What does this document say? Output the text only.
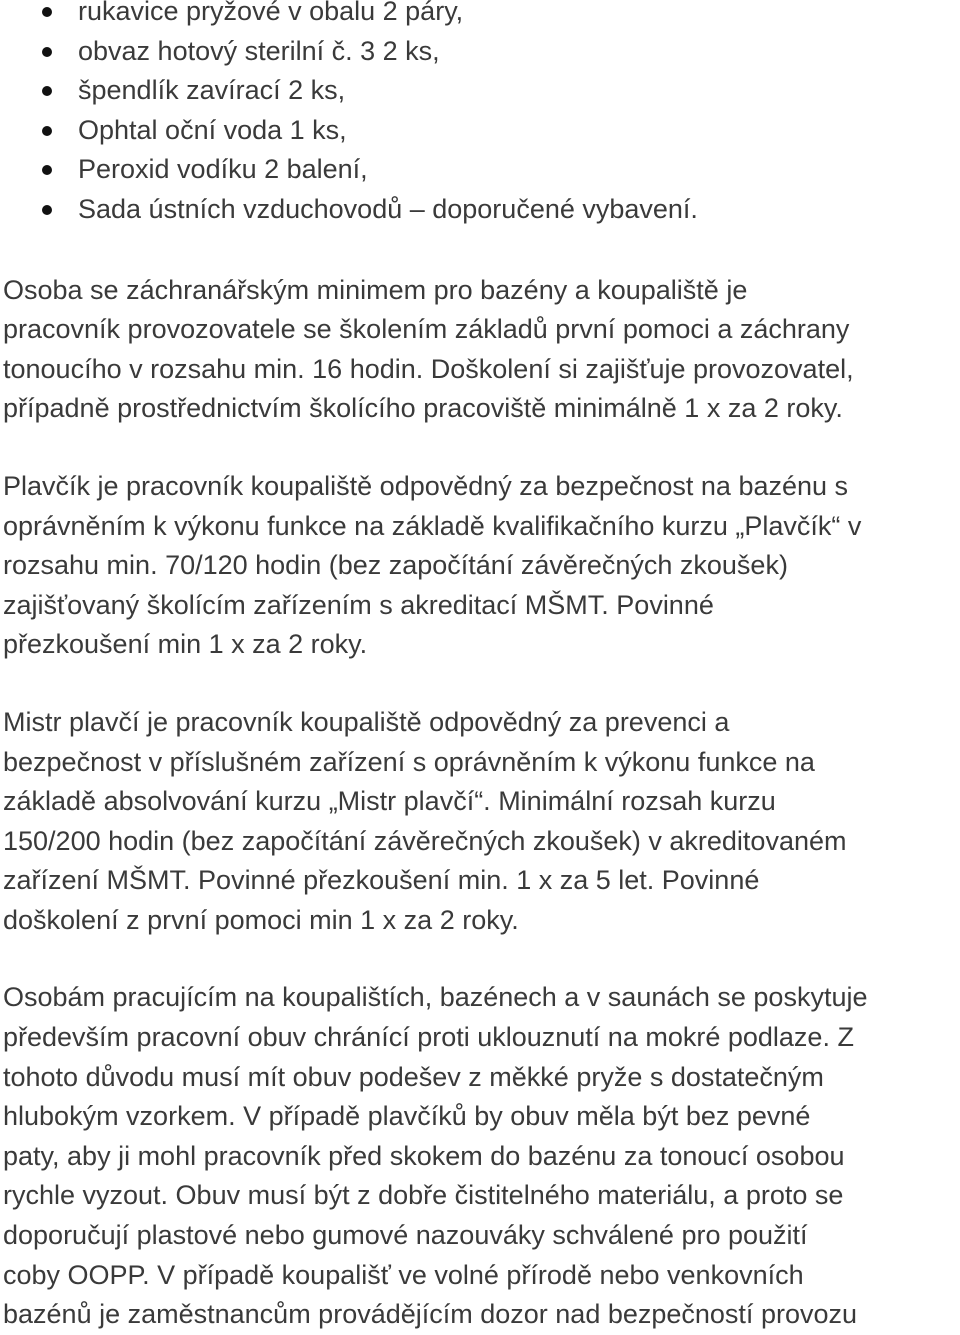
rukavice pryžové v obalu 2 páry,
obvaz hotový sterilní č. 3 2 ks,
špendlík zavírací 2 ks,
Ophtal oční voda 1 ks,
Peroxid vodíku 2 balení,
Sada ústních vzduchovodů – doporučené vybavení.

Osoba se záchranářským minimem pro bazény a koupaliště je
pracovník provozovatele se školením základů první pomoci a záchrany
tonoucího v rozsahu min. 16 hodin. Doškolení si zajišťuje provozovatel,
případně prostřednictvím školícího pracoviště minimálně 1 x za 2 roky.

Plavčík je pracovník koupaliště odpovědný za bezpečnost na bazénu s
oprávněním k výkonu funkce na základě kvalifikačního kurzu „Plavčík“ v
rozsahu min. 70/120 hodin (bez započítání závěrečných zkoušek)
zajišťovaný školícím zařízením s akreditací MŠMT. Povinné
přezkoušení min 1 x za 2 roky.

Mistr plavčí je pracovník koupaliště odpovědný za prevenci a
bezpečnost v příslušném zařízení s oprávněním k výkonu funkce na
základě absolvování kurzu „Mistr plavčí“. Minimální rozsah kurzu
150/200 hodin (bez započítání závěrečných zkoušek) v akreditovaném
zařízení MŠMT. Povinné přezkoušení min. 1 x za 5 let. Povinné
doškolení z první pomoci min 1 x za 2 roky.

Osobám pracujícím na koupalištích, bazénech a v saunách se poskytuje
především pracovní obuv chránící proti uklouznutí na mokré podlaze. Z
tohoto důvodu musí mít obuv podešev z měkké pryže s dostatečným
hlubokým vzorkem. V případě plavčíků by obuv měla být bez pevné
paty, aby ji mohl pracovník před skokem do bazénu za tonoucí osobou
rychle vyzout. Obuv musí být z dobře čistitelného materiálu, a proto se
doporučují plastové nebo gumové nazouváky schválené pro použití
coby OOPP. V případě koupališť ve volné přírodě nebo venkovních
bazénů je zaměstnancům provádějícím dozor nad bezpečností provozu
